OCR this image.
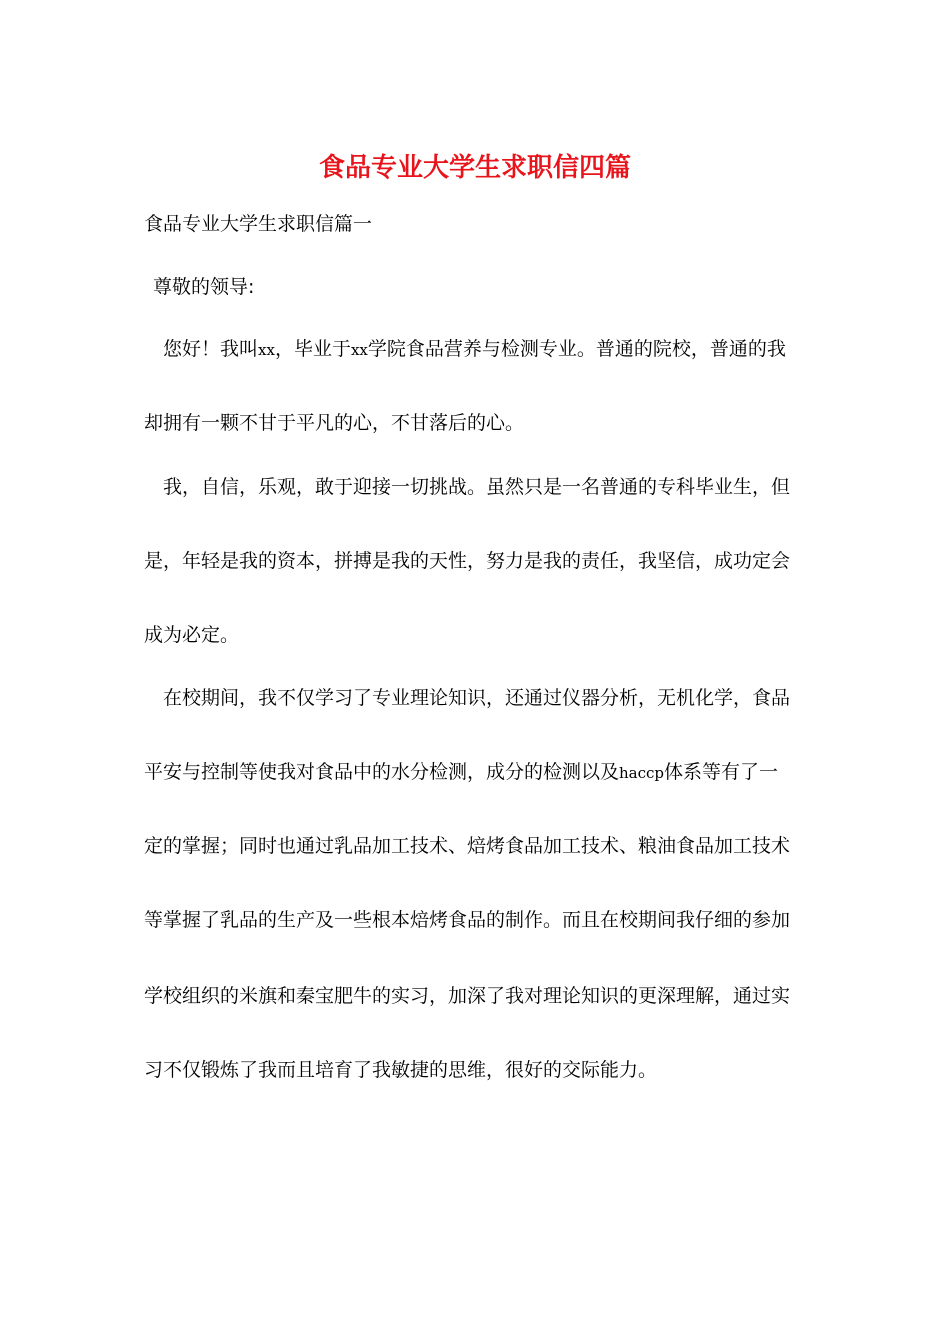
食品专业大学生求职信四篇
食品专业大学生求职信篇一
尊敬的领导:
您好！我叫xx，毕业于xx学院食品营养与检测专业。普通的院校，普通的我
却拥有一颗不甘于平凡的心，不甘落后的心。
我，自信，乐观，敢于迎接一切挑战。虽然只是一名普通的专科毕业生，但
是，年轻是我的资本，拼搏是我的天性，努力是我的责任，我坚信，成功定会
成为必定。
在校期间，我不仅学习了专业理论知识，还通过仪器分析，无机化学，食品
平安与控制等使我对食品中的水分检测，成分的检测以及haccp体系等有了一
定的掌握；同时也通过乳品加工技术、焙烤食品加工技术、粮油食品加工技术
等掌握了乳品的生产及一些根本焙烤食品的制作。而且在校期间我仔细的参加
学校组织的米旗和秦宝肥牛的实习，加深了我对理论知识的更深理解，通过实
习不仅锻炼了我而且培育了我敏捷的思维，很好的交际能力。
